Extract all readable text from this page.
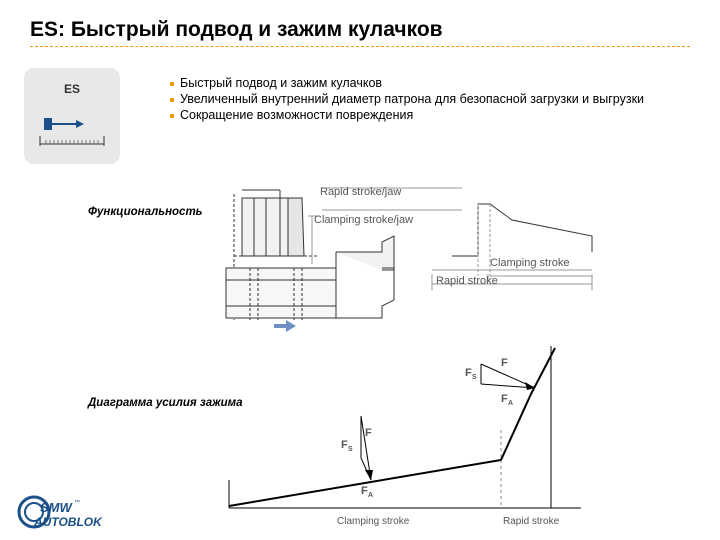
ES: Быстрый подвод и зажим кулачков
ES	Быстрый подвод и зажим кулачков
Увеличенный внутренний диаметр патрона для безопасной загрузки и выгрузки
Сокращение возможности повреждения
Функциональность
Rapid stroke/jaw
Clamping stroke/jaw
Clamping stroke
Rapid stroke
Диаграмма усилия зажима
F
F S
F A
F
F S
F A
Clamping stroke	Rapid stroke
SMW ™
AUTOBLOK
